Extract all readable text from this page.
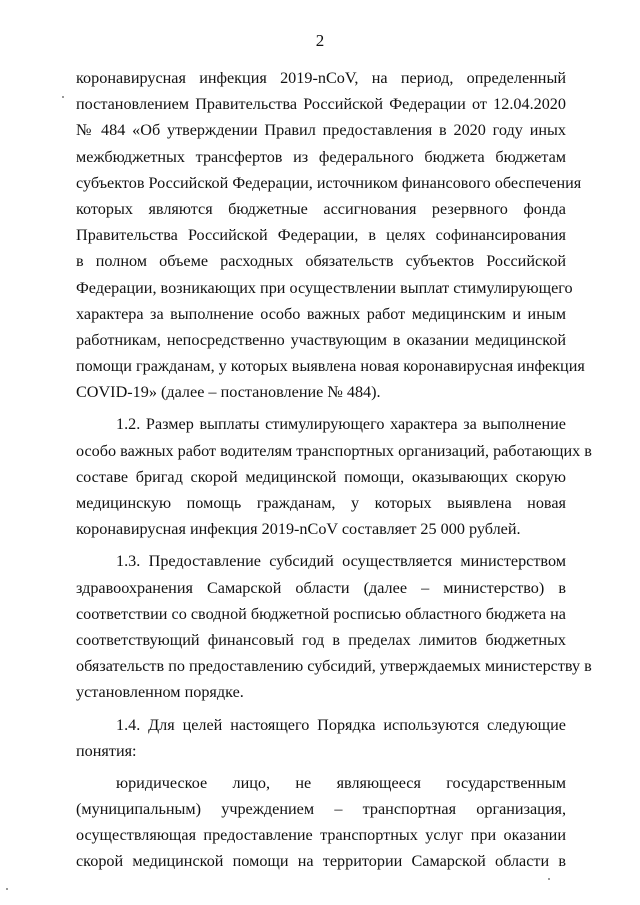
2
коронавирусная инфекция 2019-nCoV, на период, определенный
постановлением Правительства Российской Федерации от 12.04.2020
№ 484 «Об утверждении Правил предоставления в 2020 году иных
межбюджетных трансфертов из федерального бюджета бюджетам
субъектов Российской Федерации, источником финансового обеспечения
которых являются бюджетные ассигнования резервного фонда
Правительства Российской Федерации, в целях софинансирования
в полном объеме расходных обязательств субъектов Российской
Федерации, возникающих при осуществлении выплат стимулирующего
характера за выполнение особо важных работ медицинским и иным
работникам, непосредственно участвующим в оказании медицинской
помощи гражданам, у которых выявлена новая коронавирусная инфекция
COVID-19» (далее – постановление № 484).
1.2. Размер выплаты стимулирующего характера за выполнение
особо важных работ водителям транспортных организаций, работающих в
составе бригад скорой медицинской помощи, оказывающих скорую
медицинскую помощь гражданам, у которых выявлена новая
коронавирусная инфекция 2019-nCoV составляет 25 000 рублей.
1.3. Предоставление субсидий осуществляется министерством
здравоохранения Самарской области (далее – министерство) в
соответствии со сводной бюджетной росписью областного бюджета на
соответствующий финансовый год в пределах лимитов бюджетных
обязательств по предоставлению субсидий, утверждаемых министерству в
установленном порядке.
1.4. Для целей настоящего Порядка используются следующие
понятия:
юридическое лицо, не являющееся государственным
(муниципальным) учреждением – транспортная организация,
осуществляющая предоставление транспортных услуг при оказании
скорой медицинской помощи на территории Самарской области в
